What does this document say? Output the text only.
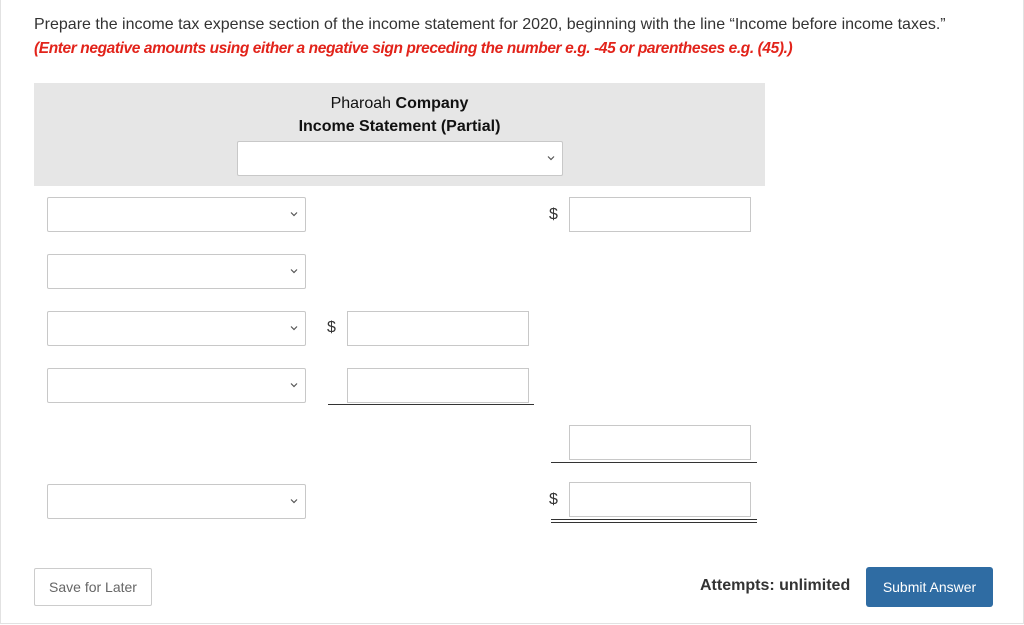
Prepare the income tax expense section of the income statement for 2020, beginning with the line “Income before income taxes.”

(Enter negative amounts using either a negative sign preceding the number e.g. -45 or parentheses e.g. (45).)

Pharoah Company
Income Statement (Partial)
$
$
$
Save for Later	Attempts: unlimited	Submit Answer
